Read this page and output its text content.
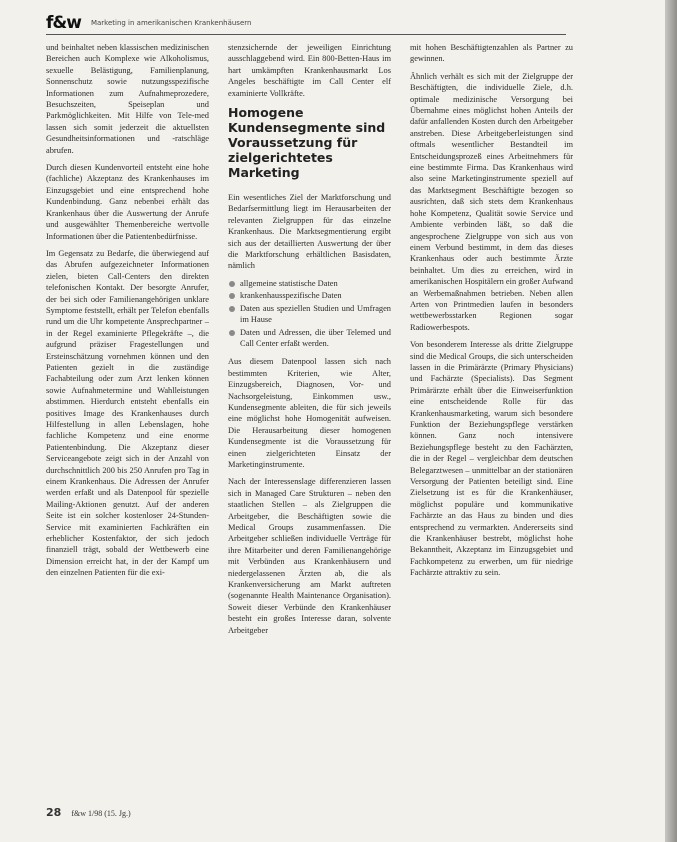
f&w Marketing in amerikanischen Krankenhäusern

und beinhaltet neben klassischen medizinischen Bereichen auch Komplexe wie Alkoholismus, sexuelle Belästigung, Familienplanung, Sonnenschutz sowie nutzungsspezifische Informationen zum Aufnahmeprozedere, Besuchszeiten, Speiseplan und Parkmöglichkeiten. Mit Hilfe von Tele-med lassen sich somit jederzeit die aktuellsten Gesundheitsinformationen und -ratschläge abrufen.

Durch diesen Kundenvorteil entsteht eine hohe (fachliche) Akzeptanz des Krankenhauses im Einzugsgebiet und eine entsprechend hohe Kundenbindung. Ganz nebenbei erhält das Krankenhaus über die Auswertung der Anrufe und ausgewählter Themenbereiche wertvolle Informationen über die Patientenbedürfnisse.

Im Gegensatz zu Bedarfe, die überwiegend auf das Abrufen aufgezeichneter Informationen zielen, bieten Call-Centers den direkten telefonischen Kontakt. Der besorgte Anrufer, der bei sich oder Familienangehörigen unklare Symptome feststellt, erhält per Telefon ebenfalls rund um die Uhr kompetente Ansprechpartner – in der Regel examinierte Pflegekräfte –, die aufgrund präziser Fragestellungen und Ersteinschätzung vornehmen können und den Patienten gezielt in die zuständige Fachabteilung oder zum Arzt lenken können sowie Aufnahmetermine und Wahlleistungen abstimmen. Hierdurch entsteht ebenfalls ein positives Image des Krankenhauses durch Hilfestellung in allen Lebenslagen, hohe fachliche Kompetenz und eine enorme Patientenbindung. Die Akzeptanz dieser Serviceangebote zeigt sich in der Anzahl von durchschnittlich 200 bis 250 Anrufen pro Tag in einem Krankenhaus. Die Adressen der Anrufer werden erfaßt und als Datenpool für spezielle Mailing-Aktionen genutzt. Auf der anderen Seite ist ein solcher kostenloser 24-Stunden-Service mit examinierten Fachkräften ein erheblicher Kostenfaktor, der sich jedoch finanziell trägt, sobald der Wettbewerb eine Dimension erreicht hat, in der der Kampf um den einzelnen Patienten für die exi-

stenzsichernde der jeweiligen Einrichtung ausschlaggebend wird. Ein 800-Betten-Haus im hart umkämpften Krankenhausmarkt Los Angeles beschäftigte im Call Center elf examinierte Vollkräfte.

Homogene Kundensegmente sind Voraussetzung für zielgerichtetes Marketing

Ein wesentliches Ziel der Marktforschung und Bedarfsermittlung liegt im Herausarbeiten der relevanten Zielgruppen für das einzelne Krankenhaus. Die Marktsegmentierung ergibt sich aus der detaillierten Auswertung der über die Marktforschung erhältlichen Basisdaten, nämlich

allgemeine statistische Daten
krankenhausspezifische Daten
Daten aus speziellen Studien und Umfragen im Hause
Daten und Adressen, die über Telemed und Call Center erfaßt werden.

Aus diesem Datenpool lassen sich nach bestimmten Kriterien, wie Alter, Einzugsbereich, Diagnosen, Vor- und Nachsorgeleistung, Einkommen usw., Kundensegmente ableiten, die für sich jeweils eine möglichst hohe Homogenität aufweisen. Die Herausarbeitung dieser homogenen Kundensegmente ist die Voraussetzung für einen zielgerichteten Einsatz der Marketinginstrumente.

Nach der Interessenslage differenzieren lassen sich in Managed Care Strukturen – neben den staatlichen Stellen – als Zielgruppen die Arbeitgeber, die Beschäftigten sowie die Medical Groups zusammenfassen. Die Arbeitgeber schließen individuelle Verträge für ihre Mitarbeiter und deren Familienangehörige mit Verbünden aus Krankenhäusern und niedergelassenen Ärzten ab, die als Krankenversicherung am Markt auftreten (sogenannte Health Maintenance Organisation). Soweit dieser Verbünde den Krankenhäuser besteht ein großes Interesse daran, solvente Arbeitgeber

mit hohen Beschäftigtenzahlen als Partner zu gewinnen.

Ähnlich verhält es sich mit der Zielgruppe der Beschäftigten, die individuelle Ziele, d.h. optimale medizinische Versorgung bei Übernahme eines möglichst hohen Anteils der dafür anfallenden Kosten durch den Arbeitgeber anstreben. Diese Arbeitgeberleistungen sind oftmals wesentlicher Bestandteil im Entscheidungsprozeß eines Arbeitnehmers für eine bestimmte Firma. Das Krankenhaus wird also seine Marketinginstrumente speziell auf das Marktsegment Beschäftigte bezogen so ausrichten, daß sich stets dem Krankenhaus hohe Kompetenz, Qualität sowie Service und Ambiente verbinden läßt, so daß die angesprochene Zielgruppe von sich aus von einem Verbund bestimmt, in dem das dieses Krankenhaus oder auch bestimmte Ärzte beinhaltet. Um dies zu erreichen, wird in amerikanischen Hospitälern ein großer Aufwand an Werbemaßnahmen betrieben. Neben allen Arten von Printmedien laufen in besonders wettbewerbsstarken Regionen sogar Radiowerbespots.

Von besonderem Interesse als dritte Zielgruppe sind die Medical Groups, die sich unterscheiden lassen in die Primärärzte (Primary Physicians) und Fachärzte (Specialists). Das Segment Primärärzte erhält über die Einweiserfunktion eine entscheidende Rolle für das Krankenhausmarketing, warum sich besondere Funktion der Beziehungspflege verstärken können. Ganz noch intensivere Beziehungspflege besteht zu den Fachärzten, die in der Regel – vergleichbar dem deutschen Belegarztwesen – unmittelbar an der stationären Versorgung der Patienten beteiligt sind. Eine Zielsetzung ist es für die Krankenhäuser, möglichst populäre und kommunikative Fachärzte an das Haus zu binden und dies entsprechend zu vermarkten. Andererseits sind die Krankenhäuser bestrebt, möglichst hohe Bekanntheit, Akzeptanz im Einzugsgebiet und Fachkompetenz zu erwerben, um für niedrige Fachärzte attraktiv zu sein.

28 f&w 1/98 (15. Jg.)
